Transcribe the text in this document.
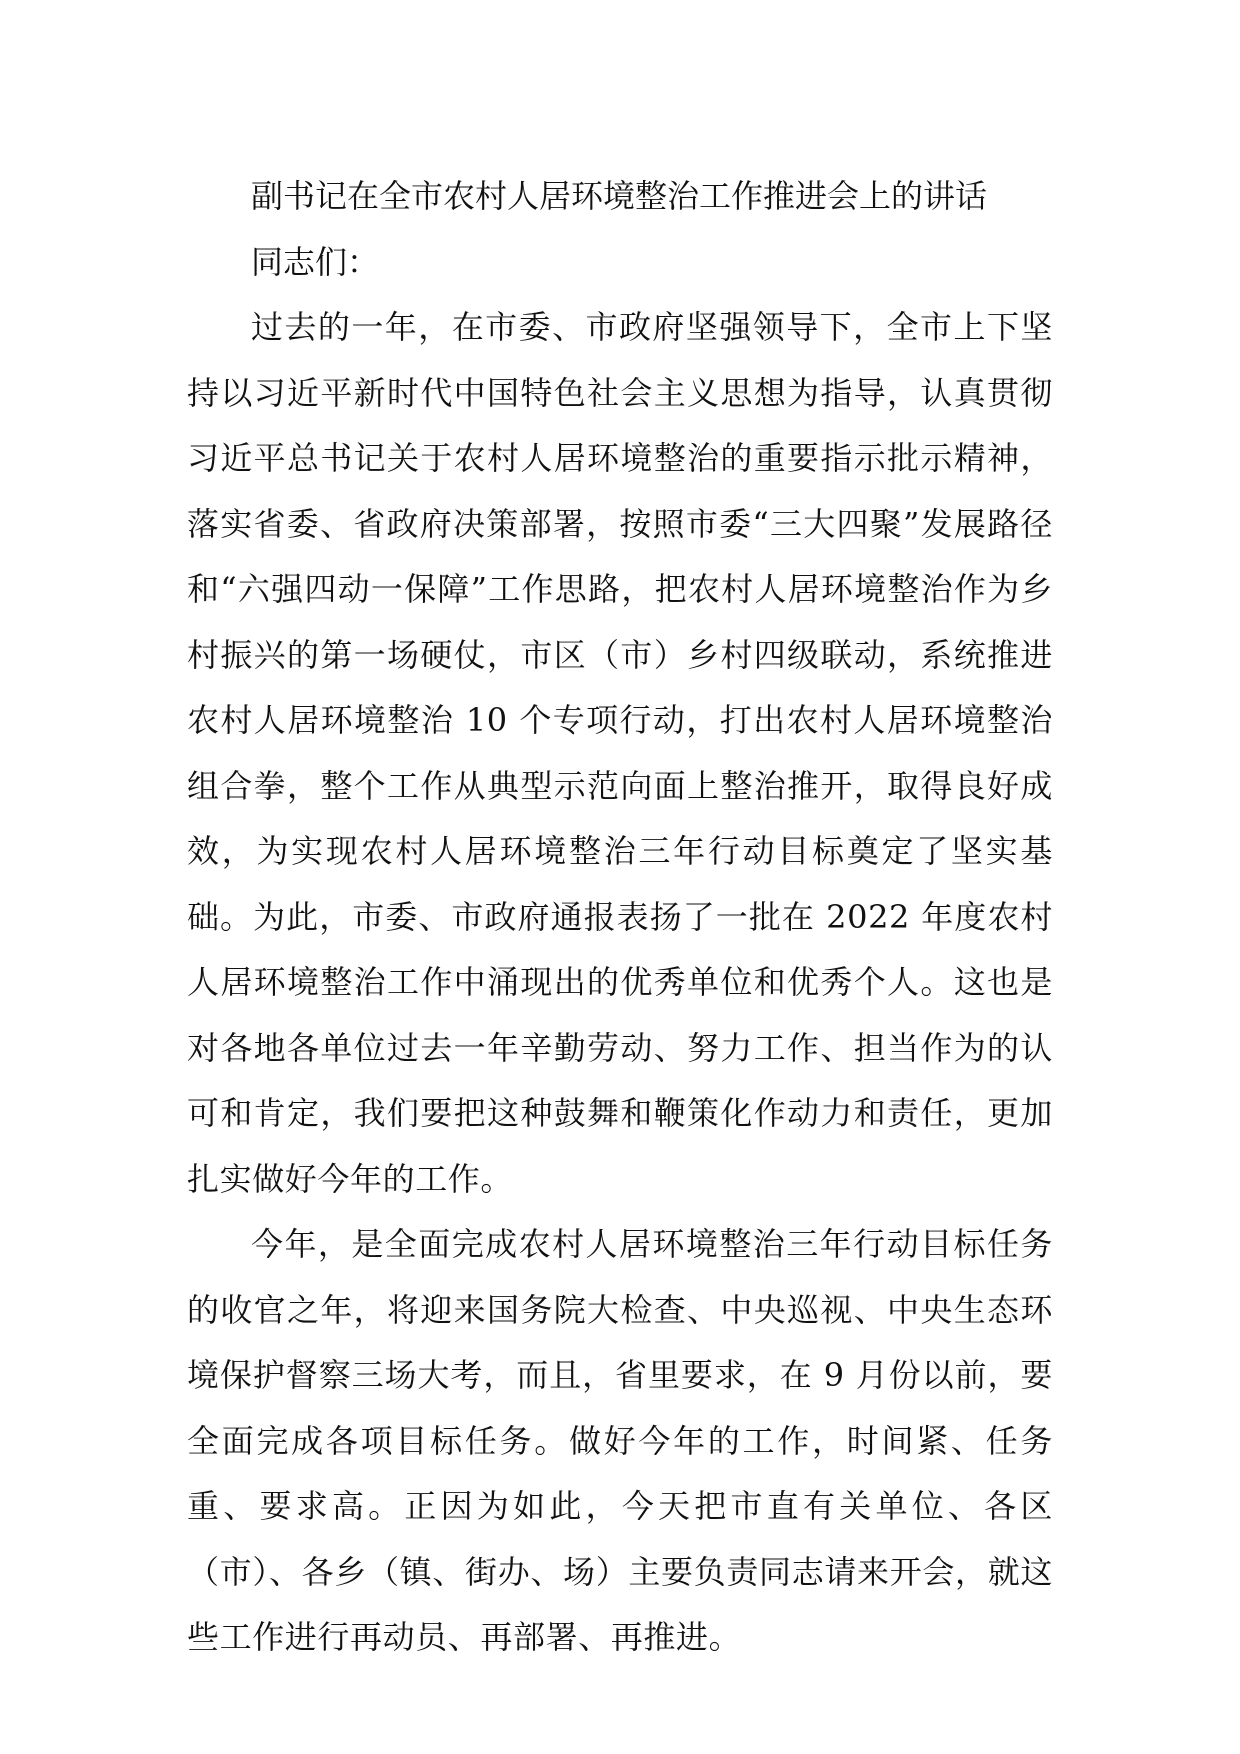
副书记在全市农村人居环境整治工作推进会上的讲话

同志们：

过去的一年，在市委、市政府坚强领导下，全市上下坚持以习近平新时代中国特色社会主义思想为指导，认真贯彻习近平总书记关于农村人居环境整治的重要指示批示精神，落实省委、省政府决策部署，按照市委“三大四聚”发展路径和“六强四动一保障”工作思路，把农村人居环境整治作为乡村振兴的第一场硬仗，市区（市）乡村四级联动，系统推进农村人居环境整治 10 个专项行动，打出农村人居环境整治组合拳，整个工作从典型示范向面上整治推开，取得良好成效，为实现农村人居环境整治三年行动目标奠定了坚实基础。为此，市委、市政府通报表扬了一批在 2022 年度农村人居环境整治工作中涌现出的优秀单位和优秀个人。这也是对各地各单位过去一年辛勤劳动、努力工作、担当作为的认可和肯定，我们要把这种鼓舞和鞭策化作动力和责任，更加扎实做好今年的工作。

今年，是全面完成农村人居环境整治三年行动目标任务的收官之年，将迎来国务院大检查、中央巡视、中央生态环境保护督察三场大考，而且，省里要求，在 9 月份以前，要全面完成各项目标任务。做好今年的工作，时间紧、任务重、要求高。正因为如此，今天把市直有关单位、各区（市）、各乡（镇、街办、场）主要负责同志请来开会，就这些工作进行再动员、再部署、再推进。
